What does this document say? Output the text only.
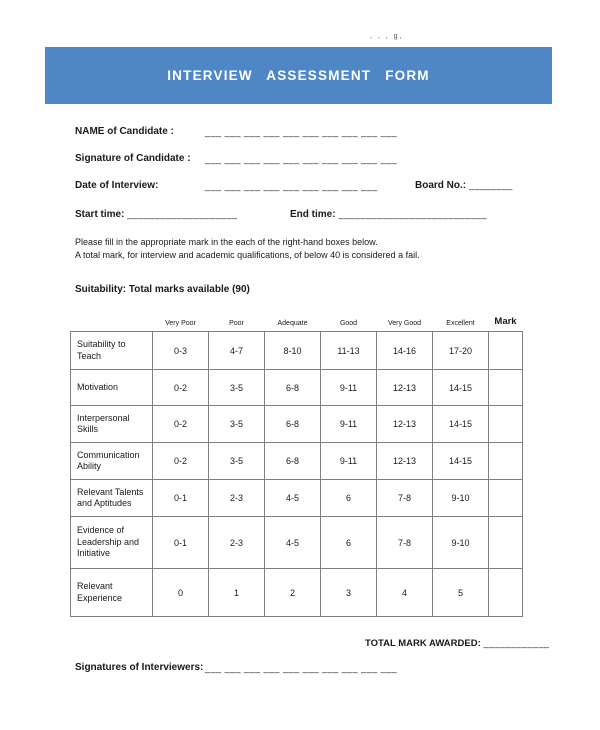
, , , g,
INTERVIEW ASSESSMENT FORM
NAME of Candidate :	___ ___ ___ ___ ___ ___ ___ ___ ___ ___
Signature of Candidate : ___ ___ ___ ___ ___ ___ ___ ___ ___ ___
Date of Interview:	___ ___ ___ ___ ___ ___ ___ ___ ___	Board No.: ________
Start time: ____________________	End time: ___________________________
Please fill in the appropriate mark in the each of the right-hand boxes below.
A total mark, for interview and academic qualifications, of below 40 is considered a fail.
Suitability: Total marks available (90)
	Very Poor	Poor	Adequate	Good	Very Good	Excellent	Mark
Suitability to Teach	0-3	4-7	8-10	11-13	14-16	17-20	
Motivation	0-2	3-5	6-8	9-11	12-13	14-15	
Interpersonal Skills	0-2	3-5	6-8	9-11	12-13	14-15	
Communication Ability	0-2	3-5	6-8	9-11	12-13	14-15	
Relevant Talents and Aptitudes	0-1	2-3	4-5	6	7-8	9-10	
Evidence of Leadership and Initiative	0-1	2-3	4-5	6	7-8	9-10	
Relevant Experience	0	1	2	3	4	5	
TOTAL MARK AWARDED: ____________
Signatures of Interviewers: ___ ___ ___ ___ ___ ___ ___ ___ ___ ___
